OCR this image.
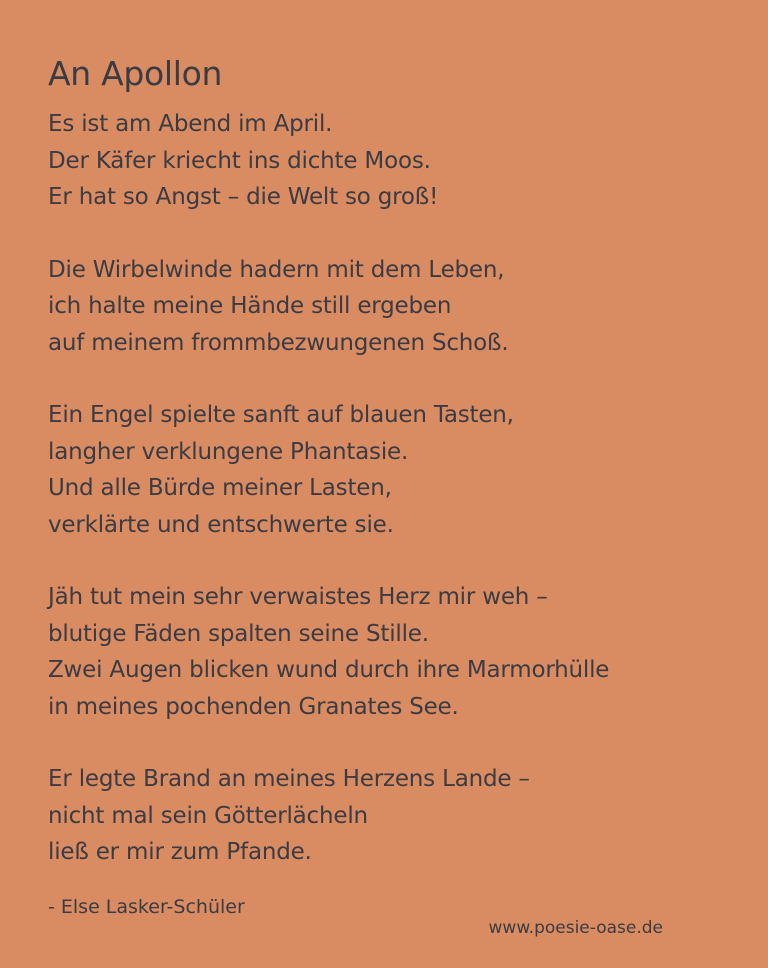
An Apollon
Es ist am Abend im April.
Der Käfer kriecht ins dichte Moos.
Er hat so Angst – die Welt so groß!
Die Wirbelwinde hadern mit dem Leben,
ich halte meine Hände still ergeben
auf meinem frommbezwungenen Schoß.
Ein Engel spielte sanft auf blauen Tasten,
langher verklungene Phantasie.
Und alle Bürde meiner Lasten,
verklärte und entschwerte sie.
Jäh tut mein sehr verwaistes Herz mir weh –
blutige Fäden spalten seine Stille.
Zwei Augen blicken wund durch ihre Marmorhülle
in meines pochenden Granates See.
Er legte Brand an meines Herzens Lande –
nicht mal sein Götterlächeln
ließ er mir zum Pfande.
- Else Lasker-Schüler
www.poesie-oase.de
